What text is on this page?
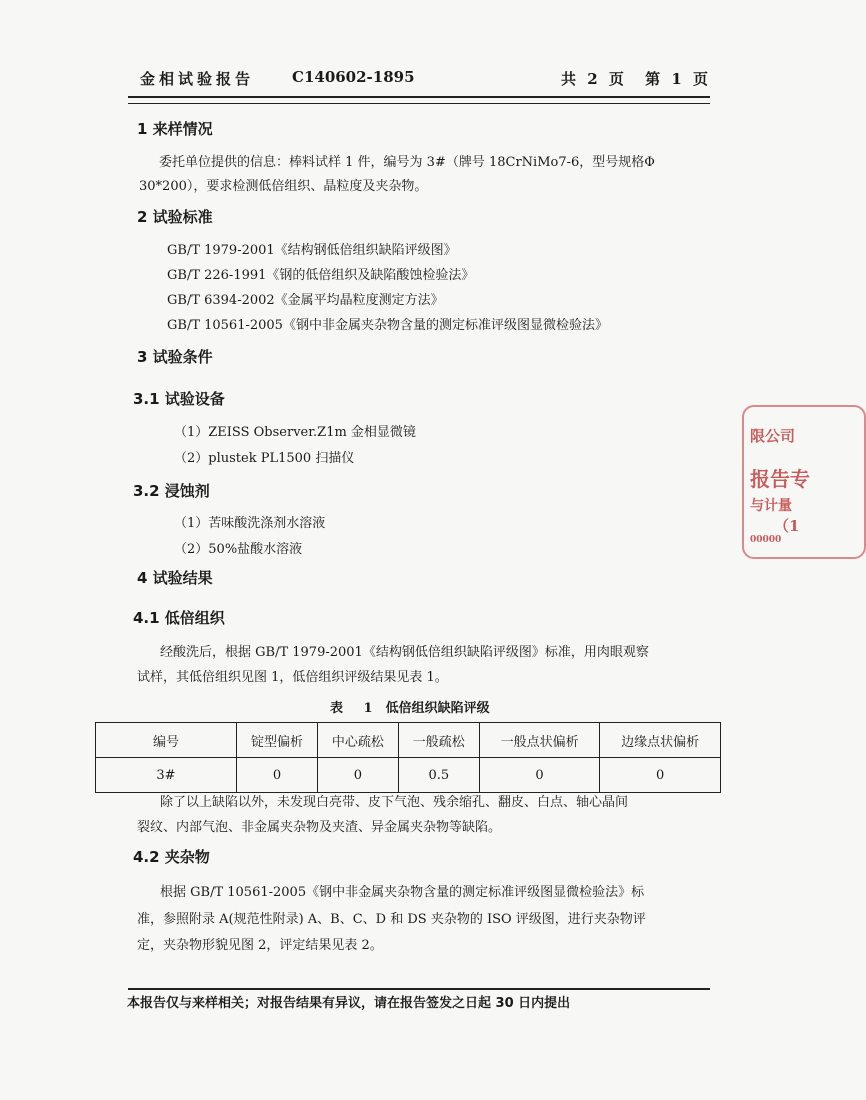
金相试验报告	C140602-1895	共 2 页 第 1 页
1 来样情况
委托单位提供的信息：棒料试样 1 件，编号为 3#（牌号 18CrNiMo7-6，型号规格Φ
30*200），要求检测低倍组织、晶粒度及夹杂物。
2 试验标准
GB/T 1979-2001《结构钢低倍组织缺陷评级图》
GB/T 226-1991《钢的低倍组织及缺陷酸蚀检验法》
GB/T 6394-2002《金属平均晶粒度测定方法》
GB/T 10561-2005《钢中非金属夹杂物含量的测定标准评级图显微检验法》
3 试验条件
3.1 试验设备
（1）ZEISS Observer.Z1m 金相显微镜
（2）plustek PL1500 扫描仪
3.2 浸蚀剂
（1）苦味酸洗涤剂水溶液
（2）50%盐酸水溶液
4 试验结果
4.1 低倍组织
经酸洗后，根据 GB/T 1979-2001《结构钢低倍组织缺陷评级图》标准，用肉眼观察
试样，其低倍组织见图 1，低倍组织评级结果见表 1。
表 1　低倍组织缺陷评级
编号	锭型偏析	中心疏松	一般疏松	一般点状偏析	边缘点状偏析
3#	0	0	0.5	0	0
除了以上缺陷以外，未发现白亮带、皮下气泡、残余缩孔、翻皮、白点、轴心晶间
裂纹、内部气泡、非金属夹杂物及夹渣、异金属夹杂物等缺陷。
4.2 夹杂物
根据 GB/T 10561-2005《钢中非金属夹杂物含量的测定标准评级图显微检验法》标
准，参照附录 A(规范性附录) A、B、C、D 和 DS 夹杂物的 ISO 评级图，进行夹杂物评
定，夹杂物形貌见图 2，评定结果见表 2。
本报告仅与来样相关；对报告结果有异议，请在报告签发之日起 30 日内提出
限公司
报告专
与计量
（1
00000
